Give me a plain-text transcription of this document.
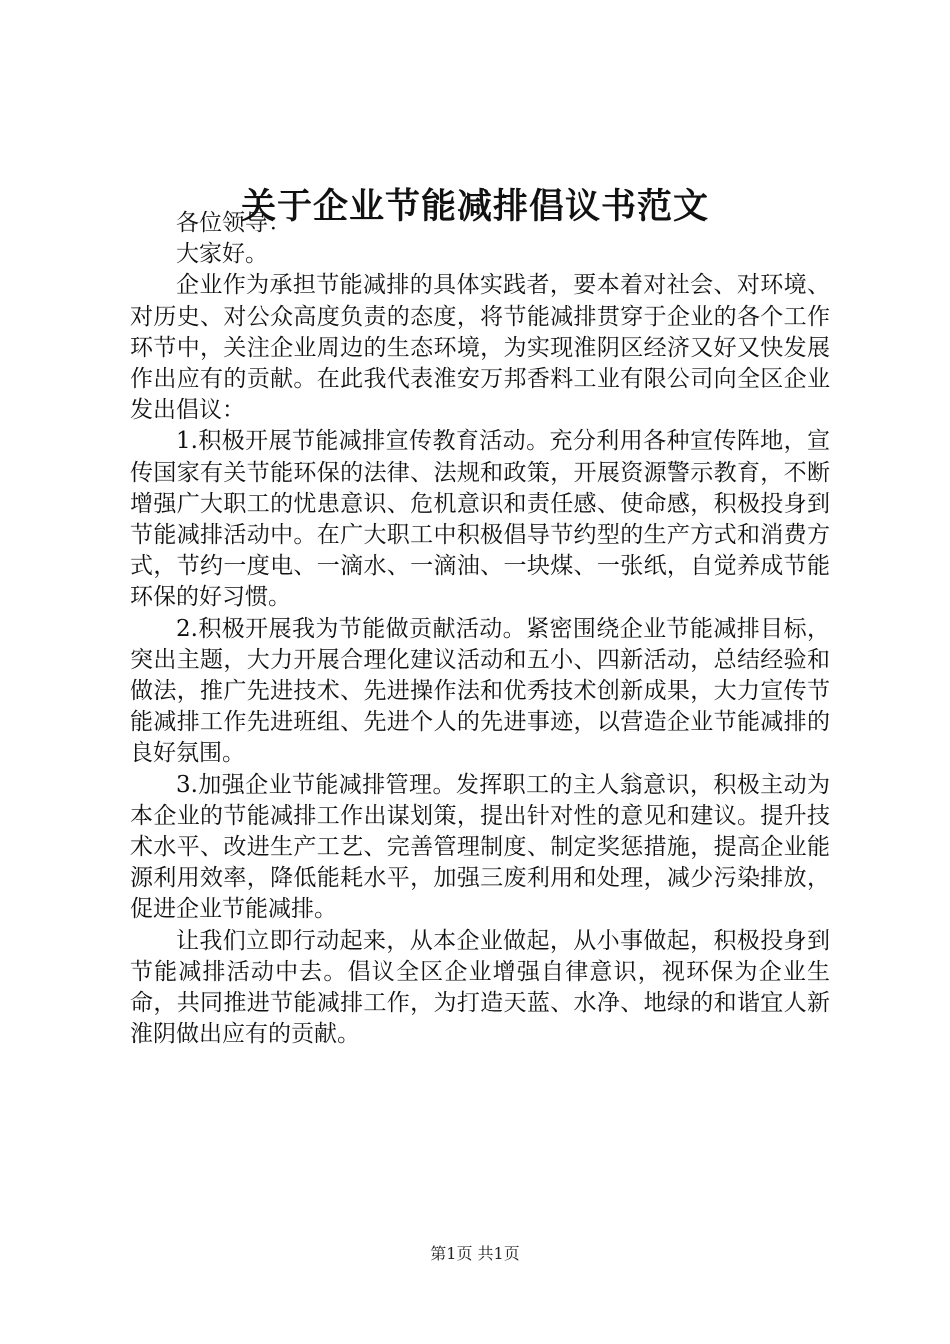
关于企业节能减排倡议书范文

各位领导：

大家好。

企业作为承担节能减排的具体实践者，要本着对社会、对环境、对历史、对公众高度负责的态度，将节能减排贯穿于企业的各个工作环节中，关注企业周边的生态环境，为实现淮阴区经济又好又快发展作出应有的贡献。在此我代表淮安万邦香料工业有限公司向全区企业发出倡议：

1.积极开展节能减排宣传教育活动。充分利用各种宣传阵地，宣传国家有关节能环保的法律、法规和政策，开展资源警示教育，不断增强广大职工的忧患意识、危机意识和责任感、使命感，积极投身到节能减排活动中。在广大职工中积极倡导节约型的生产方式和消费方式，节约一度电、一滴水、一滴油、一块煤、一张纸，自觉养成节能环保的好习惯。

2.积极开展我为节能做贡献活动。紧密围绕企业节能减排目标，突出主题，大力开展合理化建议活动和五小、四新活动，总结经验和做法，推广先进技术、先进操作法和优秀技术创新成果，大力宣传节能减排工作先进班组、先进个人的先进事迹，以营造企业节能减排的良好氛围。

3.加强企业节能减排管理。发挥职工的主人翁意识，积极主动为本企业的节能减排工作出谋划策，提出针对性的意见和建议。提升技术水平、改进生产工艺、完善管理制度、制定奖惩措施，提高企业能源利用效率，降低能耗水平，加强三废利用和处理，减少污染排放，促进企业节能减排。

让我们立即行动起来，从本企业做起，从小事做起，积极投身到节能减排活动中去。倡议全区企业增强自律意识，视环保为企业生命，共同推进节能减排工作，为打造天蓝、水净、地绿的和谐宜人新淮阴做出应有的贡献。

第1页 共1页
